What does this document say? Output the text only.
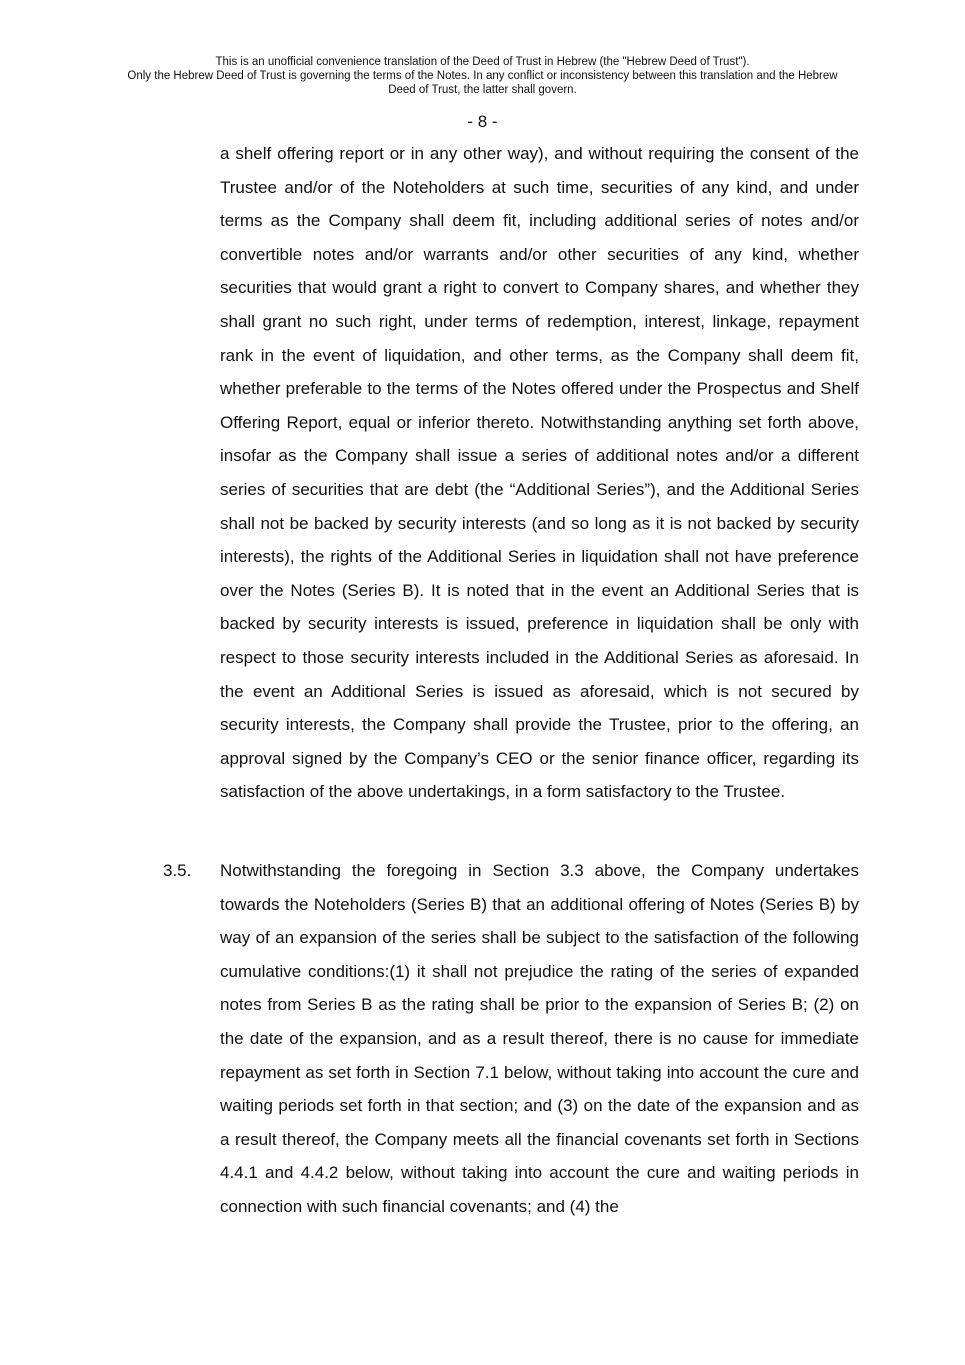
This is an unofficial convenience translation of the Deed of Trust in Hebrew (the "Hebrew Deed of Trust").
Only the Hebrew Deed of Trust is governing the terms of the Notes. In any conflict or inconsistency between this translation and the Hebrew
Deed of Trust, the latter shall govern.
- 8 -

a shelf offering report or in any other way), and without requiring the consent of the Trustee and/or of the Noteholders at such time, securities of any kind, and under terms as the Company shall deem fit, including additional series of notes and/or convertible notes and/or warrants and/or other securities of any kind, whether securities that would grant a right to convert to Company shares, and whether they shall grant no such right, under terms of redemption, interest, linkage, repayment rank in the event of liquidation, and other terms, as the Company shall deem fit, whether preferable to the terms of the Notes offered under the Prospectus and Shelf Offering Report, equal or inferior thereto. Notwithstanding anything set forth above, insofar as the Company shall issue a series of additional notes and/or a different series of securities that are debt (the “Additional Series”), and the Additional Series shall not be backed by security interests (and so long as it is not backed by security interests), the rights of the Additional Series in liquidation shall not have preference over the Notes (Series B). It is noted that in the event an Additional Series that is backed by security interests is issued, preference in liquidation shall be only with respect to those security interests included in the Additional Series as aforesaid. In the event an Additional Series is issued as aforesaid, which is not secured by security interests, the Company shall provide the Trustee, prior to the offering, an approval signed by the Company’s CEO or the senior finance officer, regarding its satisfaction of the above undertakings, in a form satisfactory to the Trustee.

3.5. Notwithstanding the foregoing in Section 3.3 above, the Company undertakes towards the Noteholders (Series B) that an additional offering of Notes (Series B) by way of an expansion of the series shall be subject to the satisfaction of the following cumulative conditions:(1) it shall not prejudice the rating of the series of expanded notes from Series B as the rating shall be prior to the expansion of Series B; (2) on the date of the expansion, and as a result thereof, there is no cause for immediate repayment as set forth in Section 7.1 below, without taking into account the cure and waiting periods set forth in that section; and (3) on the date of the expansion and as a result thereof, the Company meets all the financial covenants set forth in Sections 4.4.1 and 4.4.2 below, without taking into account the cure and waiting periods in connection with such financial covenants; and (4) the
